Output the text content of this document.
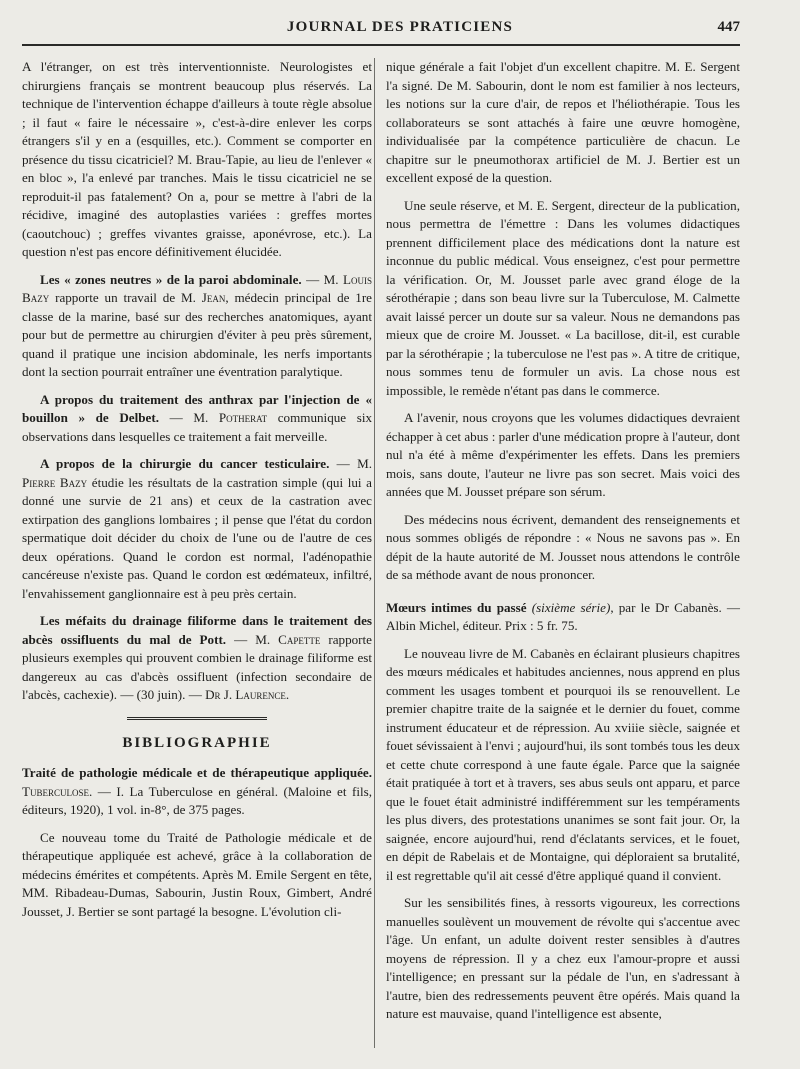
JOURNAL DES PRATICIENS	447

A l'étranger, on est très interventionniste. Neurologistes et chirurgiens français se montrent beaucoup plus réservés. La technique de l'intervention échappe d'ailleurs à toute règle absolue ; il faut « faire le nécessaire », c'est-à-dire enlever les corps étrangers s'il y en a (esquilles, etc.). Comment se comporter en présence du tissu cicatriciel? M. Brau-Tapie, au lieu de l'enlever « en bloc », l'a enlevé par tranches. Mais le tissu cicatriciel ne se reproduit-il pas fatalement? On a, pour se mettre à l'abri de la récidive, imaginé des autoplasties variées : greffes mortes (caoutchouc) ; greffes vivantes graisse, aponévrose, etc.). La question n'est pas encore définitivement élucidée.

Les « zones neutres » de la paroi abdominale. — M. Louis Bazy rapporte un travail de M. Jean, médecin principal de 1re classe de la marine, basé sur des recherches anatomiques, ayant pour but de permettre au chirurgien d'éviter à peu près sûrement, quand il pratique une incision abdominale, les nerfs importants dont la section pourrait entraîner une éventration paralytique.

A propos du traitement des anthrax par l'injection de « bouillon » de Delbet. — M. Potherat communique six observations dans lesquelles ce traitement a fait merveille.

A propos de la chirurgie du cancer testiculaire. — M. Pierre Bazy étudie les résultats de la castration simple (qui lui a donné une survie de 21 ans) et ceux de la castration avec extirpation des ganglions lombaires ; il pense que l'état du cordon spermatique doit décider du choix de l'une ou de l'autre de ces deux opérations. Quand le cordon est normal, l'adénopathie cancéreuse n'existe pas. Quand le cordon est œdémateux, infiltré, l'envahissement ganglionnaire est à peu près certain.

Les méfaits du drainage filiforme dans le traitement des abcès ossifluents du mal de Pott. — M. Capette rapporte plusieurs exemples qui prouvent combien le drainage filiforme est dangereux au cas d'abcès ossifluent (infection secondaire de l'abcès, cachexie). — (30 juin). — Dr J. Laurence.

BIBLIOGRAPHIE

Traité de pathologie médicale et de thérapeutique appliquée. Tuberculose. — I. La Tuberculose en général. (Maloine et fils, éditeurs, 1920), 1 vol. in-8°, de 375 pages.

Ce nouveau tome du Traité de Pathologie médicale et de thérapeutique appliquée est achevé, grâce à la collaboration de médecins émérites et compétents. Après M. Emile Sergent en tête, MM. Ribadeau-Dumas, Sabourin, Justin Roux, Gimbert, André Jousset, J. Bertier se sont partagé la besogne. L'évolution cli-

nique générale a fait l'objet d'un excellent chapitre. M. E. Sergent l'a signé. De M. Sabourin, dont le nom est familier à nos lecteurs, les notions sur la cure d'air, de repos et l'héliothérapie. Tous les collaborateurs se sont attachés à faire une œuvre homogène, individualisée par la compétence particulière de chacun. Le chapitre sur le pneumothorax artificiel de M. J. Bertier est un excellent exposé de la question.

Une seule réserve, et M. E. Sergent, directeur de la publication, nous permettra de l'émettre : Dans les volumes didactiques prennent difficilement place des médications dont la nature est inconnue du public médical. Vous enseignez, c'est pour permettre la vérification. Or, M. Jousset parle avec grand éloge de la sérothérapie ; dans son beau livre sur la Tuberculose, M. Calmette avait laissé percer un doute sur sa valeur. Nous ne demandons pas mieux que de croire M. Jousset. « La bacillose, dit-il, est curable par la sérothérapie ; la tuberculose ne l'est pas ». A titre de critique, nous sommes tenu de formuler un avis. La chose nous est impossible, le remède n'étant pas dans le commerce.

A l'avenir, nous croyons que les volumes didactiques devraient échapper à cet abus : parler d'une médication propre à l'auteur, dont nul n'a été à même d'expérimenter les effets. Dans les premiers mois, sans doute, l'auteur ne livre pas son secret. Mais voici des années que M. Jousset prépare son sérum.

Des médecins nous écrivent, demandent des renseignements et nous sommes obligés de répondre : « Nous ne savons pas ». En dépit de la haute autorité de M. Jousset nous attendons le contrôle de sa méthode avant de nous prononcer.

Mœurs intimes du passé (sixième série), par le Dr Cabanès. — Albin Michel, éditeur. Prix : 5 fr. 75.

Le nouveau livre de M. Cabanès en éclairant plusieurs chapitres des mœurs médicales et habitudes anciennes, nous apprend en plus comment les usages tombent et pourquoi ils se renouvellent. Le premier chapitre traite de la saignée et le dernier du fouet, comme instrument éducateur et de répression. Au xviiie siècle, saignée et fouet sévissaient à l'envi ; aujourd'hui, ils sont tombés tous les deux et cette chute correspond à une faute égale. Parce que la saignée était pratiquée à tort et à travers, ses abus seuls ont apparu, et parce que le fouet était administré indifféremment sur les tempéraments les plus divers, des protestations unanimes se sont fait jour. Or, la saignée, encore aujourd'hui, rend d'éclatants services, et le fouet, en dépit de Rabelais et de Montaigne, qui déploraient sa brutalité, il est regrettable qu'il ait cessé d'être appliqué quand il convient.

Sur les sensibilités fines, à ressorts vigoureux, les corrections manuelles soulèvent un mouvement de révolte qui s'accentue avec l'âge. Un enfant, un adulte doivent rester sensibles à d'autres moyens de répression. Il y a chez eux l'amour-propre et aussi l'intelligence; en pressant sur la pédale de l'un, en s'adressant à l'autre, bien des redressements peuvent être opérés. Mais quand la nature est mauvaise, quand l'intelligence est absente,
